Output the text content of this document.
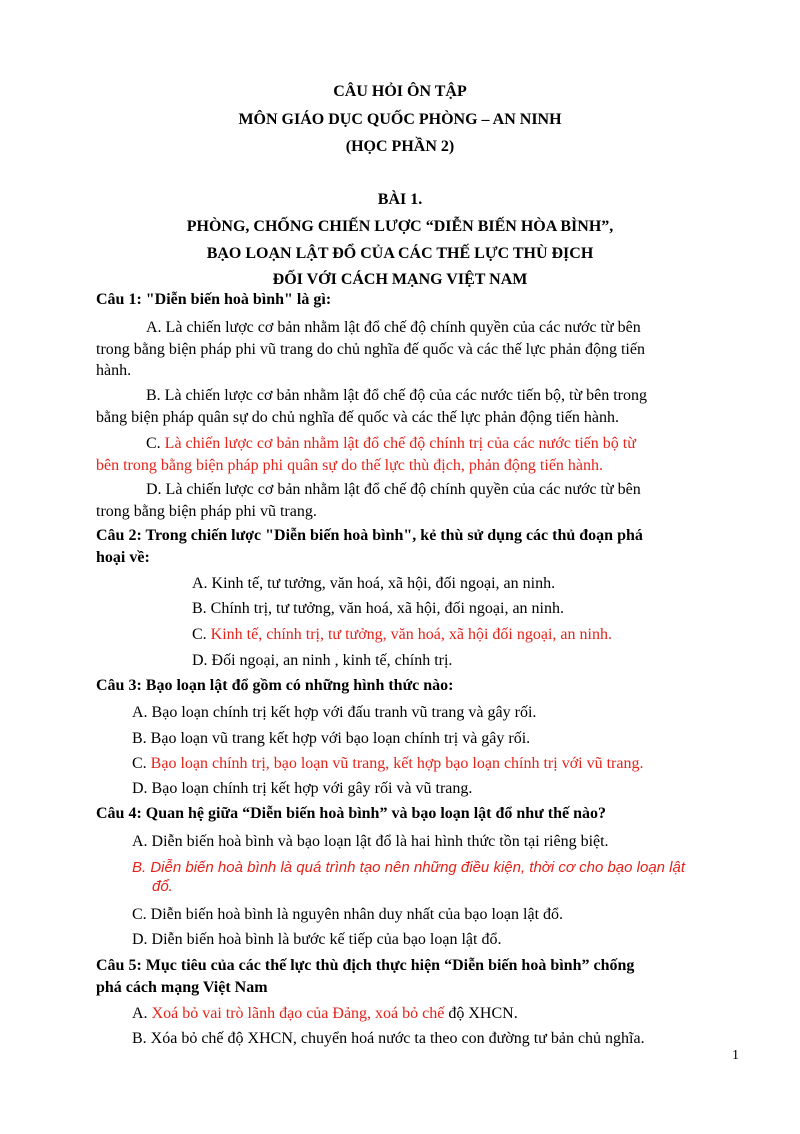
CÂU HỎI ÔN TẬP
MÔN GIÁO DỤC QUỐC PHÒNG – AN NINH
(HỌC PHẦN 2)
BÀI 1.
PHÒNG, CHỐNG CHIẾN LƯỢC “DIỄN BIẾN HÒA BÌNH”,
BẠO LOẠN LẬT ĐỔ CỦA CÁC THẾ LỰC THÙ ĐỊCH
ĐỐI VỚI CÁCH MẠNG VIỆT NAM
Câu 1: "Diễn biến hoà bình" là gì:
A. Là chiến lược cơ bản nhằm lật đổ chế độ chính quyền của các nước từ bên
trong bằng biện pháp phi vũ trang do chủ nghĩa đế quốc và các thế lực phản động tiến
hành.
B. Là chiến lược cơ bản nhằm lật đổ chế độ của các nước tiến bộ, từ bên trong
bằng biện pháp quân sự do chủ nghĩa đế quốc và các thế lực phản động tiến hành.
C. Là chiến lược cơ bản nhằm lật đổ chế độ chính trị của các nước tiến bộ từ
bên trong bằng biện pháp phi quân sự do thế lực thù địch, phản động tiến hành.
D. Là chiến lược cơ bản nhằm lật đổ chế độ chính quyền của các nước từ bên
trong bằng biện pháp phi vũ trang.
Câu 2: Trong chiến lược "Diễn biến hoà bình", kẻ thù sử dụng các thủ đoạn phá
hoại về:
A. Kinh tế, tư tưởng, văn hoá, xã hội, đối ngoại, an ninh.
B. Chính trị, tư tưởng, văn hoá, xã hội, đối ngoại, an ninh.
C. Kinh tế, chính trị, tư tưởng, văn hoá, xã hội đối ngoại, an ninh.
D. Đối ngoại, an ninh , kinh tế, chính trị.
Câu 3: Bạo loạn lật đổ gồm có những hình thức nào:
A. Bạo loạn chính trị kết hợp với đấu tranh vũ trang và gây rối.
B. Bạo loạn vũ trang kết hợp với bạo loạn chính trị và gây rối.
C. Bạo loạn chính trị, bạo loạn vũ trang, kết hợp bạo loạn chính trị với vũ trang.
D. Bạo loạn chính trị kết hợp với gây rối và vũ trang.
Câu 4: Quan hệ giữa “Diễn biến hoà bình” và bạo loạn lật đổ như thế nào?
A. Diễn biến hoà bình và bạo loạn lật đổ là hai hình thức tồn tại riêng biệt.
B. Diễn biến hoà bình là quá trình tạo nên những điều kiện, thời cơ cho bạo loạn lật
đổ.
C. Diễn biến hoà bình là nguyên nhân duy nhất của bạo loạn lật đổ.
D. Diễn biến hoà bình là bước kế tiếp của bạo loạn lật đổ.
Câu 5: Mục tiêu của các thế lực thù địch thực hiện “Diễn biến hoà bình” chống
phá cách mạng Việt Nam
A. Xoá bỏ vai trò lãnh đạo của Đảng, xoá bỏ chế độ XHCN.
B. Xóa bỏ chế độ XHCN, chuyển hoá nước ta theo con đường tư bản chủ nghĩa.
1
